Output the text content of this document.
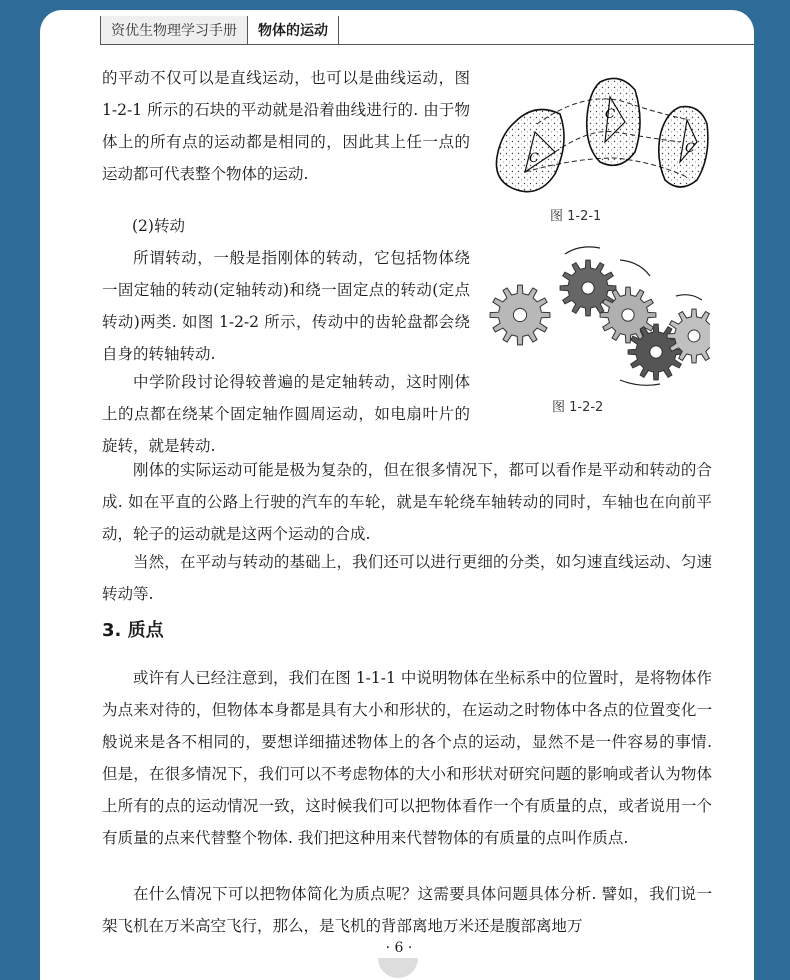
资优生物理学习手册	物体的运动

的平动不仅可以是直线运动，也可以是曲线运动，图 1-2-1 所示的石块的平动就是沿着曲线进行的. 由于物体上的所有点的运动都是相同的，因此其上任一点的运动都可代表整个物体的运动.

(2)转动

所谓转动，一般是指刚体的转动，它包括物体绕一固定轴的转动(定轴转动)和绕一固定点的转动(定点转动)两类. 如图 1-2-2 所示，传动中的齿轮盘都会绕自身的转轴转动.

中学阶段讨论得较普遍的是定轴转动，这时刚体上的点都在绕某个固定轴作圆周运动，如电扇叶片的旋转，就是转动.

刚体的实际运动可能是极为复杂的，但在很多情况下，都可以看作是平动和转动的合成. 如在平直的公路上行驶的汽车的车轮，就是车轮绕车轴转动的同时，车轴也在向前平动，轮子的运动就是这两个运动的合成.

当然，在平动与转动的基础上，我们还可以进行更细的分类，如匀速直线运动、匀速转动等.

3. 质点

或许有人已经注意到，我们在图 1-1-1 中说明物体在坐标系中的位置时，是将物体作为点来对待的，但物体本身都是具有大小和形状的，在运动之时物体中各点的位置变化一般说来是各不相同的，要想详细描述物体上的各个点的运动，显然不是一件容易的事情. 但是，在很多情况下，我们可以不考虑物体的大小和形状对研究问题的影响或者认为物体上所有的点的运动情况一致，这时候我们可以把物体看作一个有质量的点，或者说用一个有质量的点来代替整个物体. 我们把这种用来代替物体的有质量的点叫作质点.

在什么情况下可以把物体简化为质点呢？这需要具体问题具体分析. 譬如，我们说一架飞机在万米高空飞行，那么，是飞机的背部离地万米还是腹部离地万

C
C
C
图 1-2-1
图 1-2-2
· 6 ·
